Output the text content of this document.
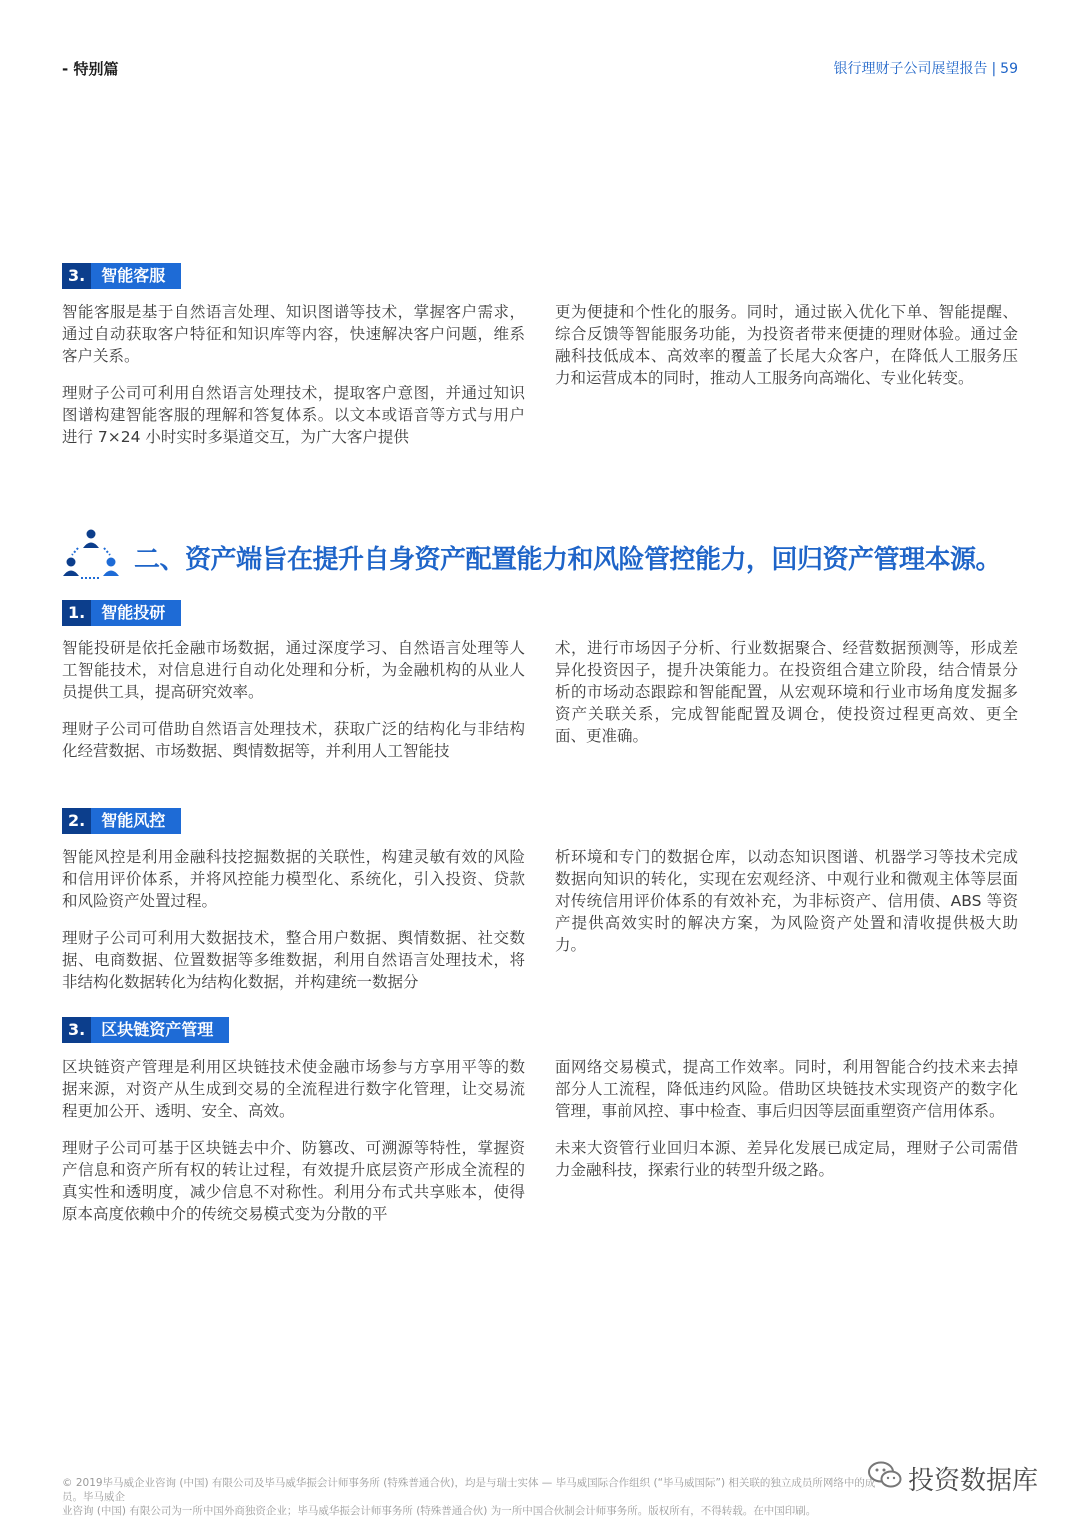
- 特别篇	银行理财子公司展望报告 | 59
3.	智能客服

智能客服是基于自然语言处理、知识图谱等技术，掌握客户需求，通过自动获取客户特征和知识库等内容，快速解决客户问题，维系客户关系。

理财子公司可利用自然语言处理技术，提取客户意图，并通过知识图谱构建智能客服的理解和答复体系。以文本或语音等方式与用户进行 7×24 小时实时多渠道交互，为广大客户提供

更为便捷和个性化的服务。同时，通过嵌入优化下单、智能提醒、综合反馈等智能服务功能，为投资者带来便捷的理财体验。通过金融科技低成本、高效率的覆盖了长尾大众客户，在降低人工服务压力和运营成本的同时，推动人工服务向高端化、专业化转变。

二、资产端旨在提升自身资产配置能力和风险管控能力，回归资产管理本源。
1.	智能投研

智能投研是依托金融市场数据，通过深度学习、自然语言处理等人工智能技术，对信息进行自动化处理和分析，为金融机构的从业人员提供工具，提高研究效率。

理财子公司可借助自然语言处理技术，获取广泛的结构化与非结构化经营数据、市场数据、舆情数据等，并利用人工智能技

术，进行市场因子分析、行业数据聚合、经营数据预测等，形成差异化投资因子，提升决策能力。在投资组合建立阶段，结合情景分析的市场动态跟踪和智能配置，从宏观环境和行业市场角度发掘多资产关联关系，完成智能配置及调仓，使投资过程更高效、更全面、更准确。

2.	智能风控

智能风控是利用金融科技挖掘数据的关联性，构建灵敏有效的风险和信用评价体系，并将风控能力模型化、系统化，引入投资、贷款和风险资产处置过程。

理财子公司可利用大数据技术，整合用户数据、舆情数据、社交数据、电商数据、位置数据等多维数据，利用自然语言处理技术，将非结构化数据转化为结构化数据，并构建统一数据分

析环境和专门的数据仓库，以动态知识图谱、机器学习等技术完成数据向知识的转化，实现在宏观经济、中观行业和微观主体等层面对传统信用评价体系的有效补充，为非标资产、信用债、ABS 等资产提供高效实时的解决方案，为风险资产处置和清收提供极大助力。

3.	区块链资产管理

区块链资产管理是利用区块链技术使金融市场参与方享用平等的数据来源，对资产从生成到交易的全流程进行数字化管理，让交易流程更加公开、透明、安全、高效。

理财子公司可基于区块链去中介、防篡改、可溯源等特性，掌握资产信息和资产所有权的转让过程，有效提升底层资产形成全流程的真实性和透明度，减少信息不对称性。利用分布式共享账本，使得原本高度依赖中介的传统交易模式变为分散的平

面网络交易模式，提高工作效率。同时，利用智能合约技术来去掉部分人工流程，降低违约风险。借助区块链技术实现资产的数字化管理，事前风控、事中检查、事后归因等层面重塑资产信用体系。

未来大资管行业回归本源、差异化发展已成定局，理财子公司需借力金融科技，探索行业的转型升级之路。

© 2019毕马威企业咨询 (中国) 有限公司及毕马威华振会计师事务所 (特殊普通合伙)，均是与瑞士实体 — 毕马威国际合作组织 (“毕马威国际”) 相关联的独立成员所网络中的成员。毕马威企
业咨询 (中国) 有限公司为一所中国外商独资企业；毕马威华振会计师事务所 (特殊普通合伙) 为一所中国合伙制会计师事务所。版权所有，不得转载。在中国印刷。
投资数据库
